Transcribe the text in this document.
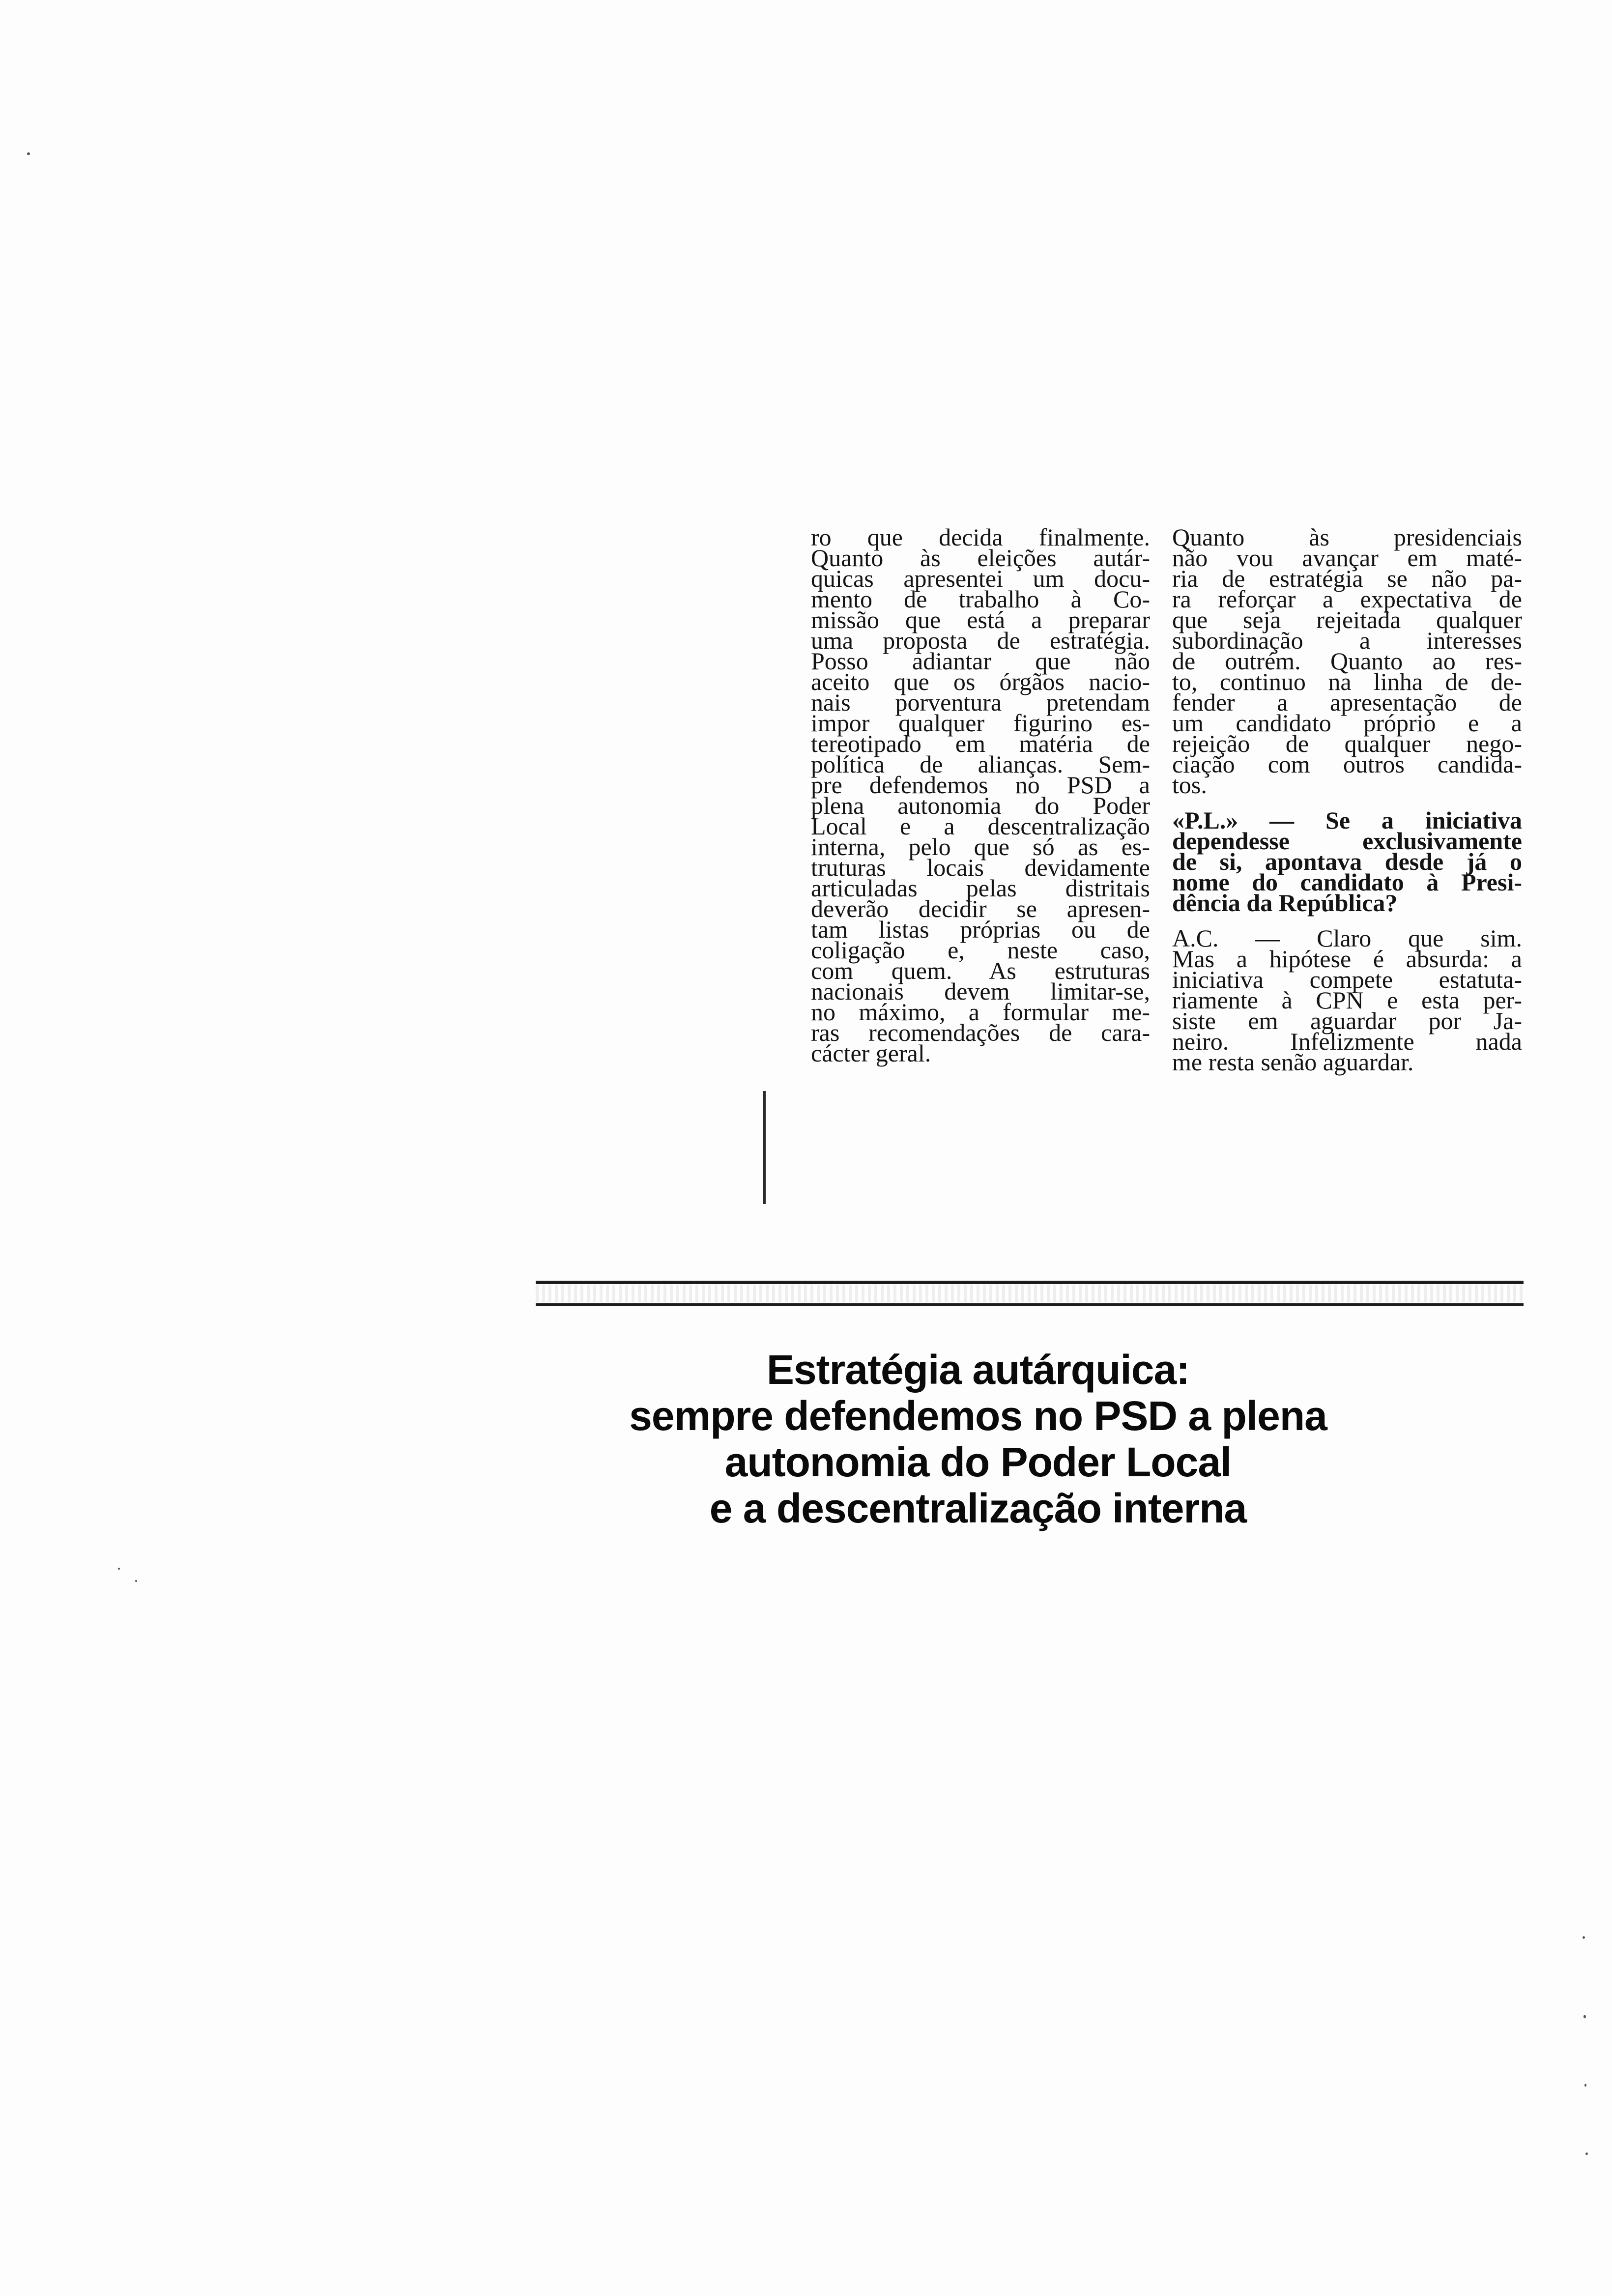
ro que decida finalmente.
Quanto às eleições autár-
quicas apresentei um docu-
mento de trabalho à Co-
missão que está a preparar
uma proposta de estratégia.
Posso adiantar que não
aceito que os órgãos nacio-
nais porventura pretendam
impor qualquer figurino es-
tereotipado em matéria de
política de alianças. Sem-
pre defendemos no PSD a
plena autonomia do Poder
Local e a descentralização
interna, pelo que só as es-
truturas locais devidamente
articuladas pelas distritais
deverão decidir se apresen-
tam listas próprias ou de
coligação e, neste caso,
com quem. As estruturas
nacionais devem limitar-se,
no máximo, a formular me-
ras recomendações de cara-
cácter geral.
Quanto às presidenciais
não vou avançar em maté-
ria de estratégia se não pa-
ra reforçar a expectativa de
que seja rejeitada qualquer
subordinação a interesses
de outrém. Quanto ao res-
to, continuo na linha de de-
fender a apresentação de
um candidato próprio e a
rejeição de qualquer nego-
ciação com outros candida-
tos.
«P.L.» — Se a iniciativa
dependesse exclusivamente
de si, apontava desde já o
nome do candidato à Presi-
dência da República?
A.C. — Claro que sim.
Mas a hipótese é absurda: a
iniciativa compete estatuta-
riamente à CPN e esta per-
siste em aguardar por Ja-
neiro. Infelizmente nada
me resta senão aguardar.
Estratégia autárquica:
sempre defendemos no PSD a plena
autonomia do Poder Local
e a descentralização interna
